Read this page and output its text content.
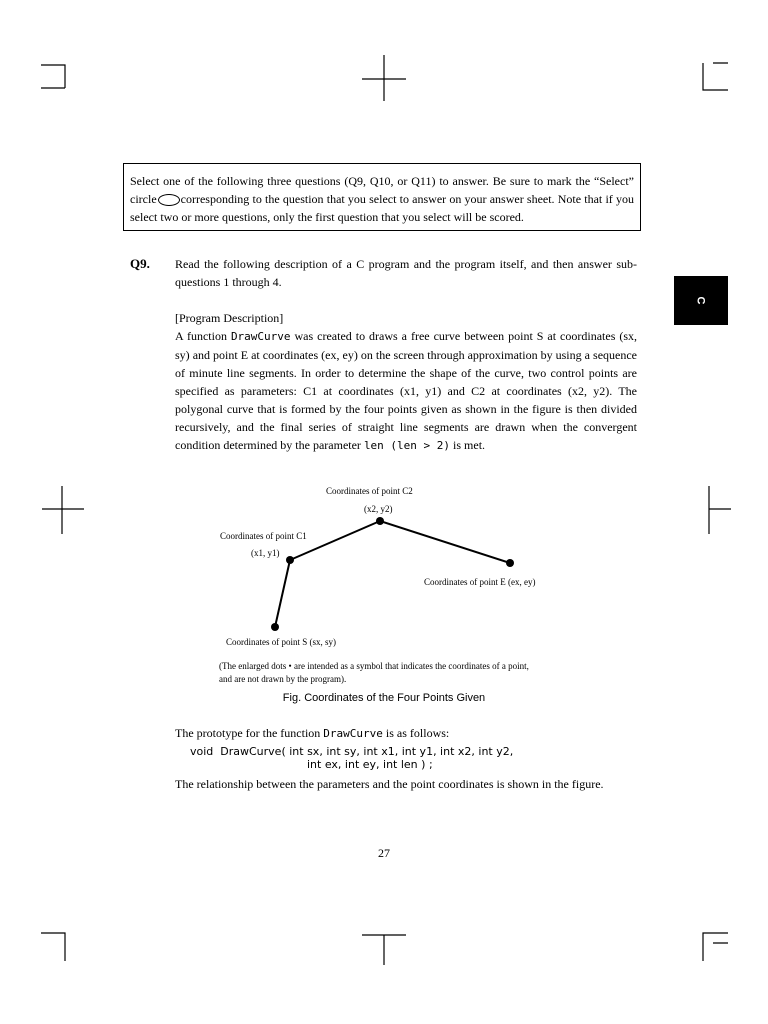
C
Select one of the following three questions (Q9, Q10, or Q11) to answer. Be sure to mark the “Select” circle corresponding to the question that you select to answer on your answer sheet. Note that if you select two or more questions, only the first question that you select will be scored.
Q9. Read the following description of a C program and the program itself, and then answer sub-questions 1 through 4.
[Program Description]
A function DrawCurve was created to draws a free curve between point S at coordinates (sx, sy) and point E at coordinates (ex, ey) on the screen through approximation by using a sequence of minute line segments. In order to determine the shape of the curve, two control points are specified as parameters: C1 at coordinates (x1, y1) and C2 at coordinates (x2, y2). The polygonal curve that is formed by the four points given as shown in the figure is then divided recursively, and the final series of straight line segments are drawn when the convergent condition determined by the parameter len (len > 2) is met.
Coordinates of point C2
(x2, y2)
Coordinates of point C1
(x1, y1)
Coordinates of point E (ex, ey)
Coordinates of point S (sx, sy)
(The enlarged dots • are intended as a symbol that indicates the coordinates of a point,
and are not drawn by the program).
Fig. Coordinates of the Four Points Given
The prototype for the function DrawCurve is as follows:
void  DrawCurve( int sx, int sy, int x1, int y1, int x2, int y2,
int ex, int ey, int len ) ;
The relationship between the parameters and the point coordinates is shown in the figure.
27
